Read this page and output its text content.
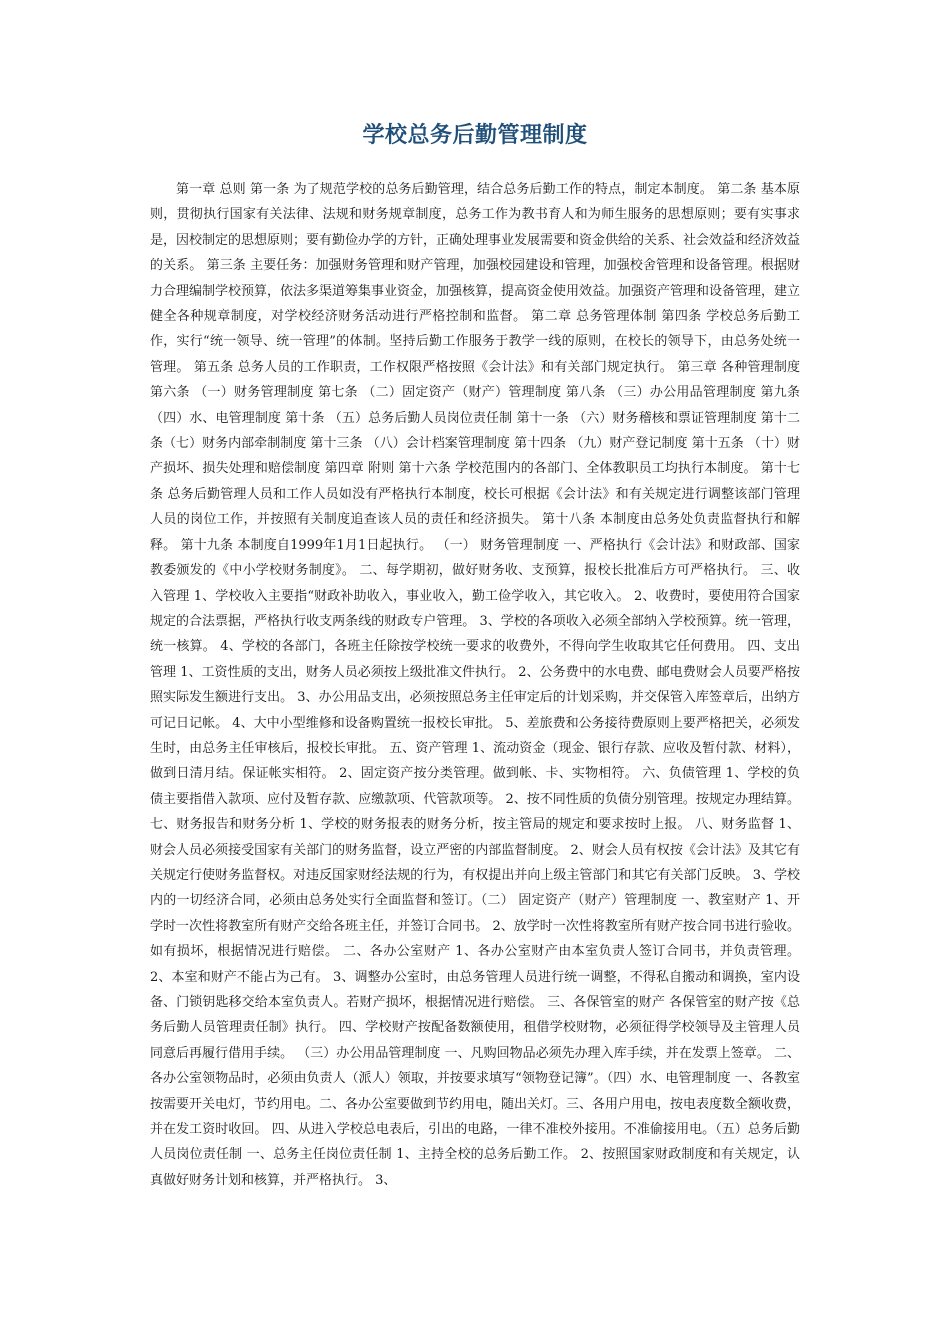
学校总务后勤管理制度

第一章 总则 第一条 为了规范学校的总务后勤管理，结合总务后勤工作的特点，制定本制度。 第二条 基本原则，贯彻执行国家有关法律、法规和财务规章制度，总务工作为教书育人和为师生服务的思想原则；要有实事求是，因校制定的思想原则；要有勤俭办学的方针，正确处理事业发展需要和资金供给的关系、社会效益和经济效益的关系。 第三条 主要任务：加强财务管理和财产管理，加强校园建设和管理，加强校舍管理和设备管理。根据财力合理编制学校预算，依法多渠道筹集事业资金，加强核算，提高资金使用效益。加强资产管理和设备管理，建立健全各种规章制度，对学校经济财务活动进行严格控制和监督。 第二章 总务管理体制 第四条 学校总务后勤工作，实行“统一领导、统一管理”的体制。坚持后勤工作服务于教学一线的原则，在校长的领导下，由总务处统一管理。 第五条 总务人员的工作职责，工作权限严格按照《会计法》和有关部门规定执行。 第三章 各种管理制度 第六条 （一）财务管理制度 第七条 （二）固定资产（财产）管理制度 第八条 （三）办公用品管理制度 第九条 （四）水、电管理制度 第十条 （五）总务后勤人员岗位责任制 第十一条 （六）财务稽核和票证管理制度 第十二条（七）财务内部牵制制度 第十三条 （八）会计档案管理制度 第十四条 （九）财产登记制度 第十五条 （十）财产损坏、损失处理和赔偿制度 第四章 附则 第十六条 学校范围内的各部门、全体教职员工均执行本制度。 第十七条 总务后勤管理人员和工作人员如没有严格执行本制度，校长可根据《会计法》和有关规定进行调整该部门管理人员的岗位工作，并按照有关制度追查该人员的责任和经济损失。 第十八条 本制度由总务处负责监督执行和解释。 第十九条 本制度自1999年1月1日起执行。 （一） 财务管理制度 一、严格执行《会计法》和财政部、国家教委颁发的《中小学校财务制度》。 二、每学期初，做好财务收、支预算，报校长批准后方可严格执行。 三、收入管理 1、学校收入主要指“财政补助收入，事业收入，勤工俭学收入，其它收入。 2、收费时，要使用符合国家规定的合法票据，严格执行收支两条线的财政专户管理。 3、学校的各项收入必须全部纳入学校预算。统一管理，统一核算。 4、学校的各部门，各班主任除按学校统一要求的收费外，不得向学生收取其它任何费用。 四、支出管理 1、工资性质的支出，财务人员必须按上级批准文件执行。 2、公务费中的水电费、邮电费财会人员要严格按照实际发生额进行支出。 3、办公用品支出，必须按照总务主任审定后的计划采购，并交保管入库签章后，出纳方可记日记帐。 4、大中小型维修和设备购置统一报校长审批。 5、差旅费和公务接待费原则上要严格把关，必须发生时，由总务主任审核后，报校长审批。 五、资产管理 1、流动资金（现金、银行存款、应收及暂付款、材料），做到日清月结。保证帐实相符。 2、固定资产按分类管理。做到帐、卡、实物相符。 六、负债管理 1、学校的负债主要指借入款项、应付及暂存款、应缴款项、代管款项等。 2、按不同性质的负债分别管理。按规定办理结算。 七、财务报告和财务分析 1、学校的财务报表的财务分析，按主管局的规定和要求按时上报。 八、财务监督 1、财会人员必须接受国家有关部门的财务监督，设立严密的内部监督制度。 2、财会人员有权按《会计法》及其它有关规定行使财务监督权。对违反国家财经法规的行为，有权提出并向上级主管部门和其它有关部门反映。 3、学校内的一切经济合同，必须由总务处实行全面监督和签订。（二） 固定资产（财产）管理制度 一、教室财产 1、开学时一次性将教室所有财产交给各班主任，并签订合同书。 2、放学时一次性将教室所有财产按合同书进行验收。如有损坏，根据情况进行赔偿。 二、各办公室财产 1、各办公室财产由本室负责人签订合同书，并负责管理。 2、本室和财产不能占为己有。 3、调整办公室时，由总务管理人员进行统一调整，不得私自搬动和调换，室内设备、门锁钥匙移交给本室负责人。若财产损坏，根据情况进行赔偿。 三、各保管室的财产 各保管室的财产按《总务后勤人员管理责任制》执行。 四、学校财产按配备数额使用，租借学校财物，必须征得学校领导及主管理人员同意后再履行借用手续。 （三）办公用品管理制度 一、凡购回物品必须先办理入库手续，并在发票上签章。 二、各办公室领物品时，必须由负责人（派人）领取，并按要求填写“领物登记簿”。（四）水、电管理制度 一、各教室按需要开关电灯，节约用电。二、各办公室要做到节约用电，随出关灯。三、各用户用电，按电表度数全额收费，并在发工资时收回。 四、从进入学校总电表后，引出的电路，一律不准校外接用。不准偷接用电。（五）总务后勤人员岗位责任制 一、总务主任岗位责任制 1、主持全校的总务后勤工作。 2、按照国家财政制度和有关规定，认真做好财务计划和核算，并严格执行。 3、
